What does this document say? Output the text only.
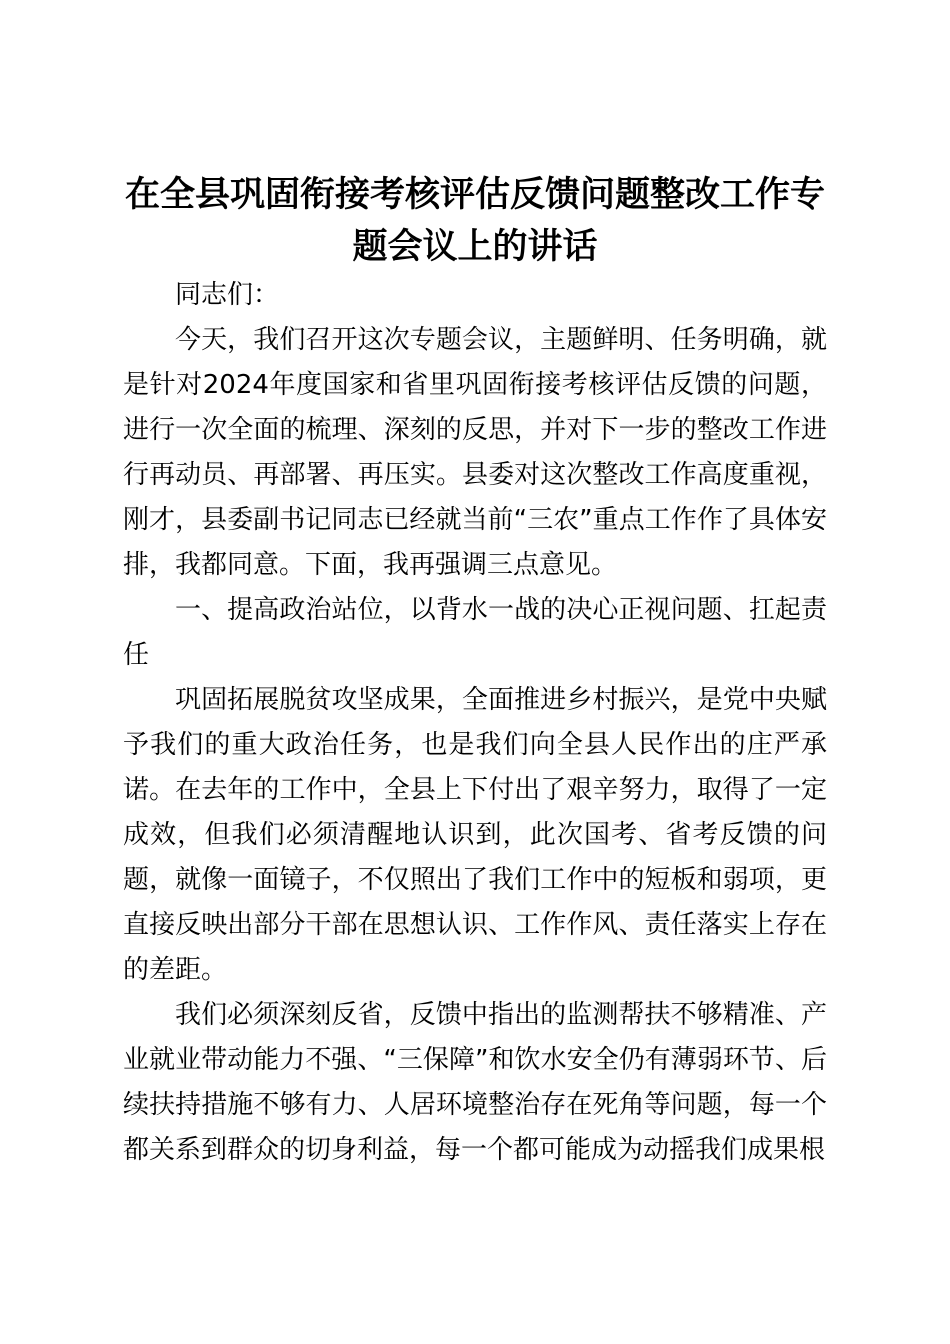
在全县巩固衔接考核评估反馈问题整改工作专题会议上的讲话

同志们：

今天，我们召开这次专题会议，主题鲜明、任务明确，就是针对2024年度国家和省里巩固衔接考核评估反馈的问题，进行一次全面的梳理、深刻的反思，并对下一步的整改工作进行再动员、再部署、再压实。县委对这次整改工作高度重视，刚才，县委副书记同志已经就当前“三农”重点工作作了具体安排，我都同意。下面，我再强调三点意见。

一、提高政治站位，以背水一战的决心正视问题、扛起责任

巩固拓展脱贫攻坚成果，全面推进乡村振兴，是党中央赋予我们的重大政治任务，也是我们向全县人民作出的庄严承诺。在去年的工作中，全县上下付出了艰辛努力，取得了一定成效，但我们必须清醒地认识到，此次国考、省考反馈的问题，就像一面镜子，不仅照出了我们工作中的短板和弱项，更直接反映出部分干部在思想认识、工作作风、责任落实上存在的差距。

我们必须深刻反省，反馈中指出的监测帮扶不够精准、产业就业带动能力不强、“三保障”和饮水安全仍有薄弱环节、后续扶持措施不够有力、人居环境整治存在死角等问题，每一个都关系到群众的切身利益，每一个都可能成为动摇我们成果根
